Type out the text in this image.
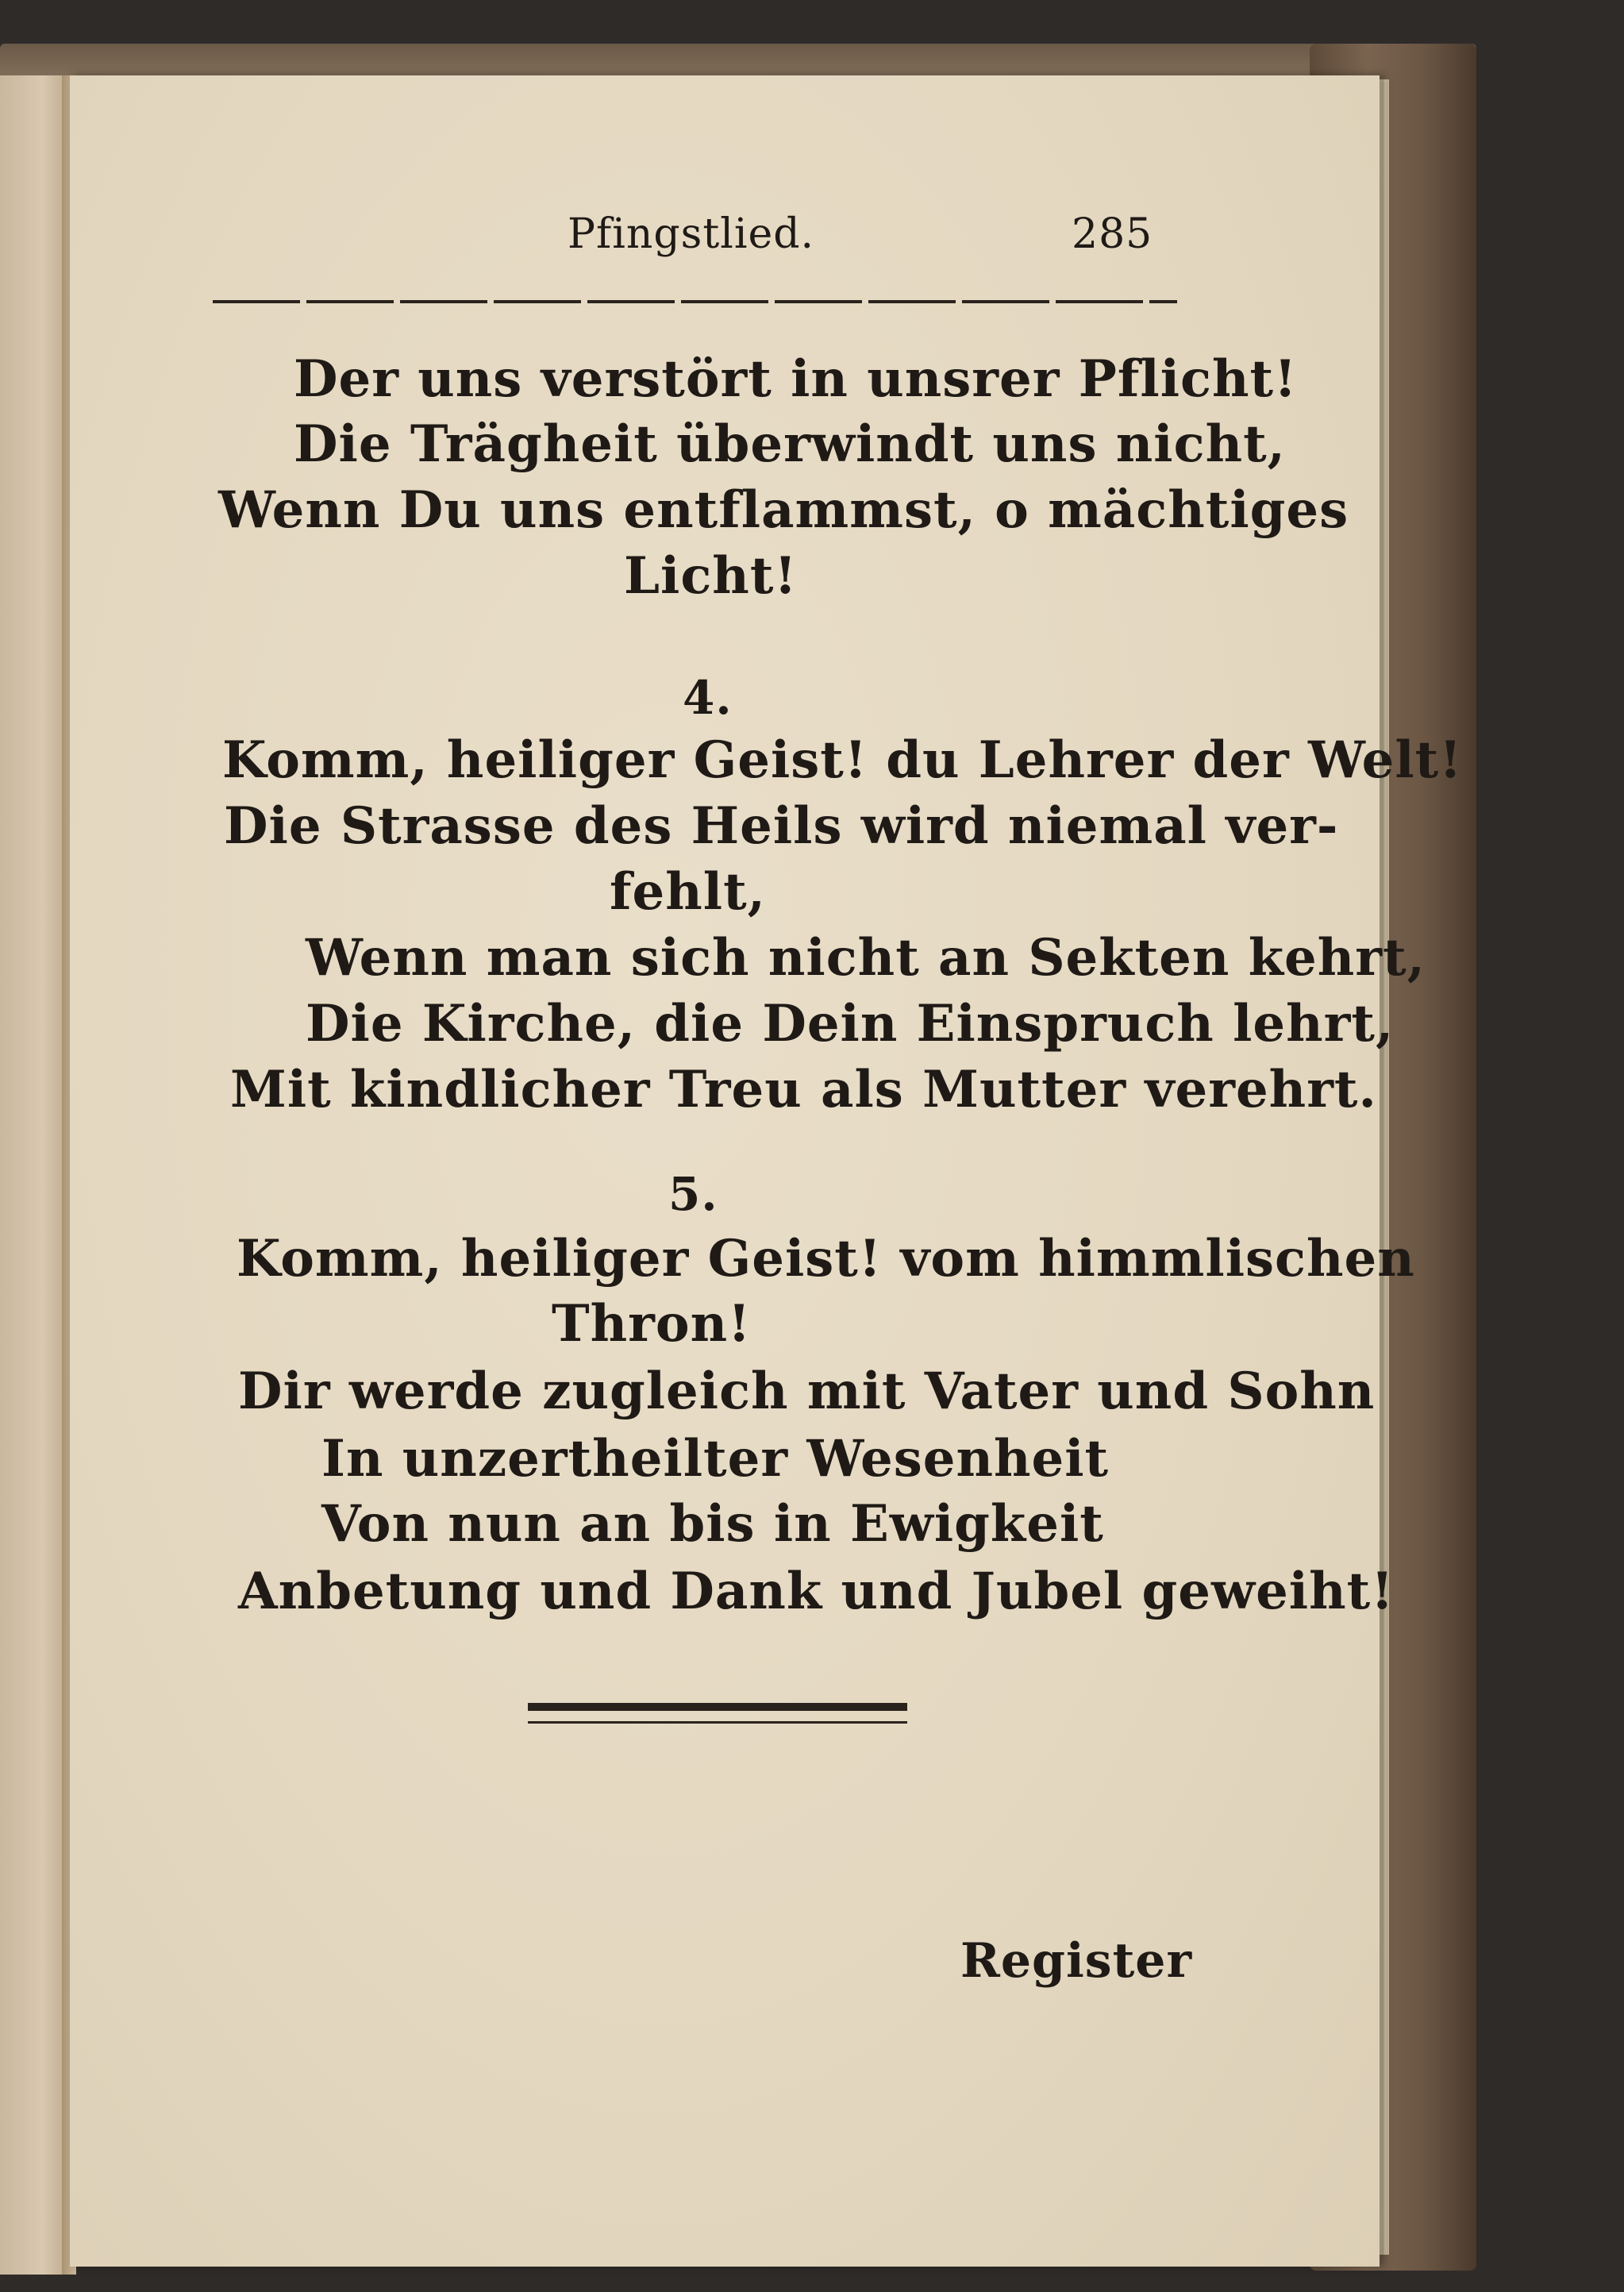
Pfingstlied.	285
Der uns verstört in unsrer Pflicht!
Die Trägheit überwindt uns nicht,
Wenn Du uns entflammst, o mächtiges
Licht!
4.
Komm, heiliger Geist! du Lehrer der Welt!
Die Strasse des Heils wird niemal ver-
fehlt,
Wenn man sich nicht an Sekten kehrt,
Die Kirche, die Dein Einspruch lehrt,
Mit kindlicher Treu als Mutter verehrt.
5.
Komm, heiliger Geist! vom himmlischen
Thron!
Dir werde zugleich mit Vater und Sohn
In unzertheilter Wesenheit
Von nun an bis in Ewigkeit
Anbetung und Dank und Jubel geweiht!
Register
